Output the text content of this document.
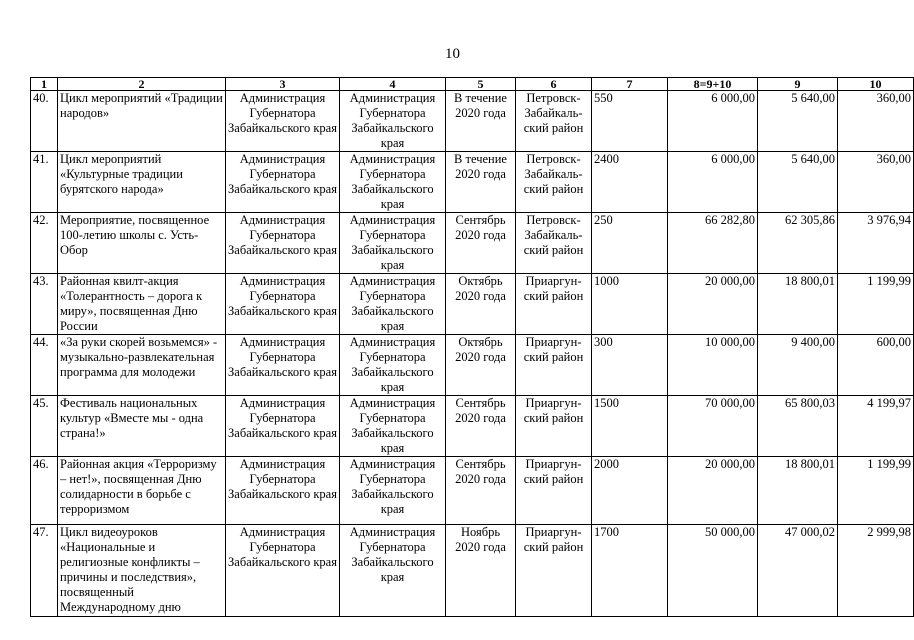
10
1	2	3	4	5	6	7	8=9+10	9	10
40.	Цикл мероприятий «Традиции народов»	Администрация Губернатора Забайкальского края	Администрация Губернатора Забайкальского края	В течение 2020 года	Петровск-Забайкаль-ский район	550	6 000,00	5 640,00	360,00
41.	Цикл мероприятий «Культурные традиции бурятского народа»	Администрация Губернатора Забайкальского края	Администрация Губернатора Забайкальского края	В течение 2020 года	Петровск-Забайкаль-ский район	2400	6 000,00	5 640,00	360,00
42.	Мероприятие, посвященное 100-летию школы с. Усть-Обор	Администрация Губернатора Забайкальского края	Администрация Губернатора Забайкальского края	Сентябрь 2020 года	Петровск-Забайкаль-ский район	250	66 282,80	62 305,86	3 976,94
43.	Районная квилт-акция «Толерантность – дорога к миру», посвященная Дню России	Администрация Губернатора Забайкальского края	Администрация Губернатора Забайкальского края	Октябрь 2020 года	Приаргун-ский район	1000	20 000,00	18 800,01	1 199,99
44.	«За руки скорей возьмемся» - музыкально-развлекательная программа для молодежи	Администрация Губернатора Забайкальского края	Администрация Губернатора Забайкальского края	Октябрь 2020 года	Приаргун-ский район	300	10 000,00	9 400,00	600,00
45.	Фестиваль национальных культур «Вместе мы - одна страна!»	Администрация Губернатора Забайкальского края	Администрация Губернатора Забайкальского края	Сентябрь 2020 года	Приаргун-ский район	1500	70 000,00	65 800,03	4 199,97
46.	Районная акция «Терроризму – нет!», посвященная Дню солидарности в борьбе с терроризмом	Администрация Губернатора Забайкальского края	Администрация Губернатора Забайкальского края	Сентябрь 2020 года	Приаргун-ский район	2000	20 000,00	18 800,01	1 199,99
47.	Цикл видеоуроков «Национальные и религиозные конфликты – причины и последствия», посвященный Международному дню	Администрация Губернатора Забайкальского края	Администрация Губернатора Забайкальского края	Ноябрь 2020 года	Приаргун-ский район	1700	50 000,00	47 000,02	2 999,98
